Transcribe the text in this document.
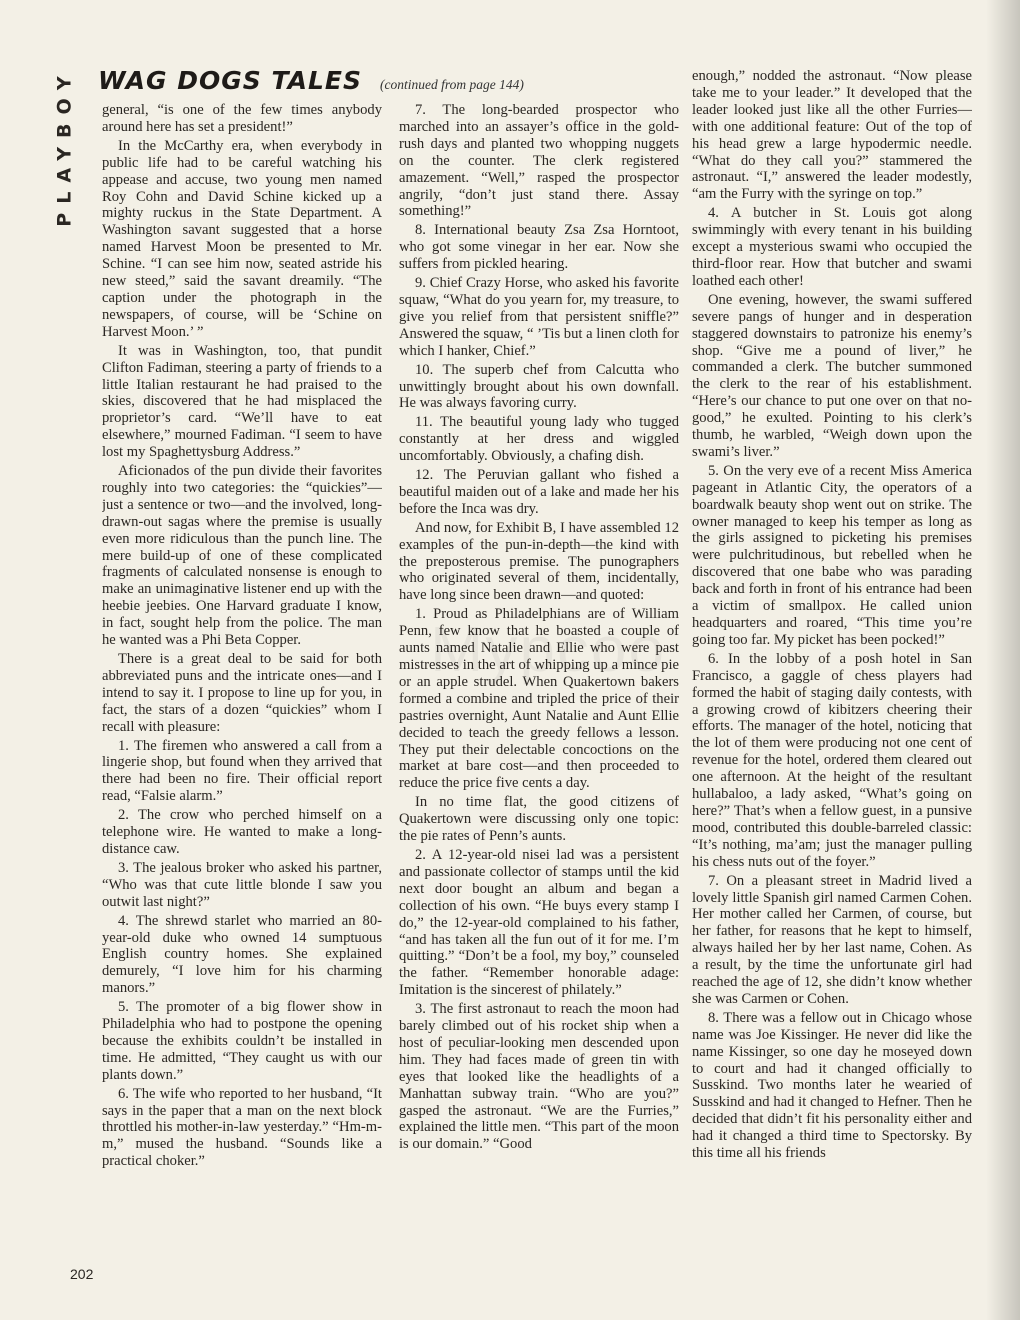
PLAYBOY WAG DOGS TALES (continued from page 144)

general, “is one of the few times anybody around here has set a president!”

In the McCarthy era, when everybody in public life had to be careful watching his appease and accuse, two young men named Roy Cohn and David Schine kicked up a mighty ruckus in the State Department. A Washington savant suggested that a horse named Harvest Moon be presented to Mr. Schine. “I can see him now, seated astride his new steed,” said the savant dreamily. “The caption under the photograph in the newspapers, of course, will be ‘Schine on Harvest Moon.’ ”

It was in Washington, too, that pundit Clifton Fadiman, steering a party of friends to a little Italian restaurant he had praised to the skies, discovered that he had misplaced the proprietor’s card. “We’ll have to eat elsewhere,” mourned Fadiman. “I seem to have lost my Spaghettysburg Address.”

Aficionados of the pun divide their favorites roughly into two categories: the “quickies”—just a sentence or two—and the involved, long-drawn-out sagas where the premise is usually even more ridiculous than the punch line. The mere build-up of one of these complicated fragments of calculated nonsense is enough to make an unimaginative listener end up with the heebie jeebies. One Harvard graduate I know, in fact, sought help from the police. The man he wanted was a Phi Beta Copper.

There is a great deal to be said for both abbreviated puns and the intricate ones—and I intend to say it. I propose to line up for you, in fact, the stars of a dozen “quickies” whom I recall with pleasure:

1. The firemen who answered a call from a lingerie shop, but found when they arrived that there had been no fire. Their official report read, “Falsie alarm.”

2. The crow who perched himself on a telephone wire. He wanted to make a long-distance caw.

3. The jealous broker who asked his partner, “Who was that cute little blonde I saw you outwit last night?”

4. The shrewd starlet who married an 80-year-old duke who owned 14 sumptuous English country homes. She explained demurely, “I love him for his charming manors.”

5. The promoter of a big flower show in Philadelphia who had to postpone the opening because the exhibits couldn’t be installed in time. He admitted, “They caught us with our plants down.”

6. The wife who reported to her husband, “It says in the paper that a man on the next block throttled his mother-in-law yesterday.” “Hm-m-m,” mused the husband. “Sounds like a practical choker.”

7. The long-bearded prospector who marched into an assayer’s office in the gold-rush days and planted two whopping nuggets on the counter. The clerk registered amazement. “Well,” rasped the prospector angrily, “don’t just stand there. Assay something!”

8. International beauty Zsa Zsa Horntoot, who got some vinegar in her ear. Now she suffers from pickled hearing.

9. Chief Crazy Horse, who asked his favorite squaw, “What do you yearn for, my treasure, to give you relief from that persistent sniffle?” Answered the squaw, “ ’Tis but a linen cloth for which I hanker, Chief.”

10. The superb chef from Calcutta who unwittingly brought about his own downfall. He was always favoring curry.

11. The beautiful young lady who tugged constantly at her dress and wiggled uncomfortably. Obviously, a chafing dish.

12. The Peruvian gallant who fished a beautiful maiden out of a lake and made her his before the Inca was dry.

And now, for Exhibit B, I have assembled 12 examples of the pun-in-depth—the kind with the preposterous premise. The punographers who originated several of them, incidentally, have long since been drawn—and quoted:

1. Proud as Philadelphians are of William Penn, few know that he boasted a couple of aunts named Natalie and Ellie who were past mistresses in the art of whipping up a mince pie or an apple strudel. When Quakertown bakers formed a combine and tripled the price of their pastries overnight, Aunt Natalie and Aunt Ellie decided to teach the greedy fellows a lesson. They put their delectable concoctions on the market at bare cost—and then proceeded to reduce the price five cents a day.

In no time flat, the good citizens of Quakertown were discussing only one topic: the pie rates of Penn’s aunts.

2. A 12-year-old nisei lad was a persistent and passionate collector of stamps until the kid next door bought an album and began a collection of his own. “He buys every stamp I do,” the 12-year-old complained to his father, “and has taken all the fun out of it for me. I’m quitting.” “Don’t be a fool, my boy,” counseled the father. “Remember honorable adage: Imitation is the sincerest of philately.”

3. The first astronaut to reach the moon had barely climbed out of his rocket ship when a host of peculiar-looking men descended upon him. They had faces made of green tin with eyes that looked like the headlights of a Manhattan subway train. “Who are you?” gasped the astronaut. “We are the Furries,” explained the little men. “This part of the moon is our domain.” “Good

enough,” nodded the astronaut. “Now please take me to your leader.” It developed that the leader looked just like all the other Furries—with one additional feature: Out of the top of his head grew a large hypodermic needle. “What do they call you?” stammered the astronaut. “I,” answered the leader modestly, “am the Furry with the syringe on top.”

4. A butcher in St. Louis got along swimmingly with every tenant in his building except a mysterious swami who occupied the third-floor rear. How that butcher and swami loathed each other!

One evening, however, the swami suffered severe pangs of hunger and in desperation staggered downstairs to patronize his enemy’s shop. “Give me a pound of liver,” he commanded a clerk. The butcher summoned the clerk to the rear of his establishment. “Here’s our chance to put one over on that no-good,” he exulted. Pointing to his clerk’s thumb, he warbled, “Weigh down upon the swami’s liver.”

5. On the very eve of a recent Miss America pageant in Atlantic City, the operators of a boardwalk beauty shop went out on strike. The owner managed to keep his temper as long as the girls assigned to picketing his premises were pulchritudinous, but rebelled when he discovered that one babe who was parading back and forth in front of his entrance had been a victim of smallpox. He called union headquarters and roared, “This time you’re going too far. My picket has been pocked!”

6. In the lobby of a posh hotel in San Francisco, a gaggle of chess players had formed the habit of staging daily contests, with a growing crowd of kibitzers cheering their efforts. The manager of the hotel, noticing that the lot of them were producing not one cent of revenue for the hotel, ordered them cleared out one afternoon. At the height of the resultant hullabaloo, a lady asked, “What’s going on here?” That’s when a fellow guest, in a punsive mood, contributed this double-barreled classic: “It’s nothing, ma’am; just the manager pulling his chess nuts out of the foyer.”

7. On a pleasant street in Madrid lived a lovely little Spanish girl named Carmen Cohen. Her mother called her Carmen, of course, but her father, for reasons that he kept to himself, always hailed her by her last name, Cohen. As a result, by the time the unfortunate girl had reached the age of 12, she didn’t know whether she was Carmen or Cohen.

8. There was a fellow out in Chicago whose name was Joe Kissinger. He never did like the name Kissinger, so one day he moseyed down to court and had it changed officially to Susskind. Two months later he wearied of Susskind and had it changed to Hefner. Then he decided that didn’t fit his personality either and had it changed a third time to Spectorsky. By this time all his friends

202
